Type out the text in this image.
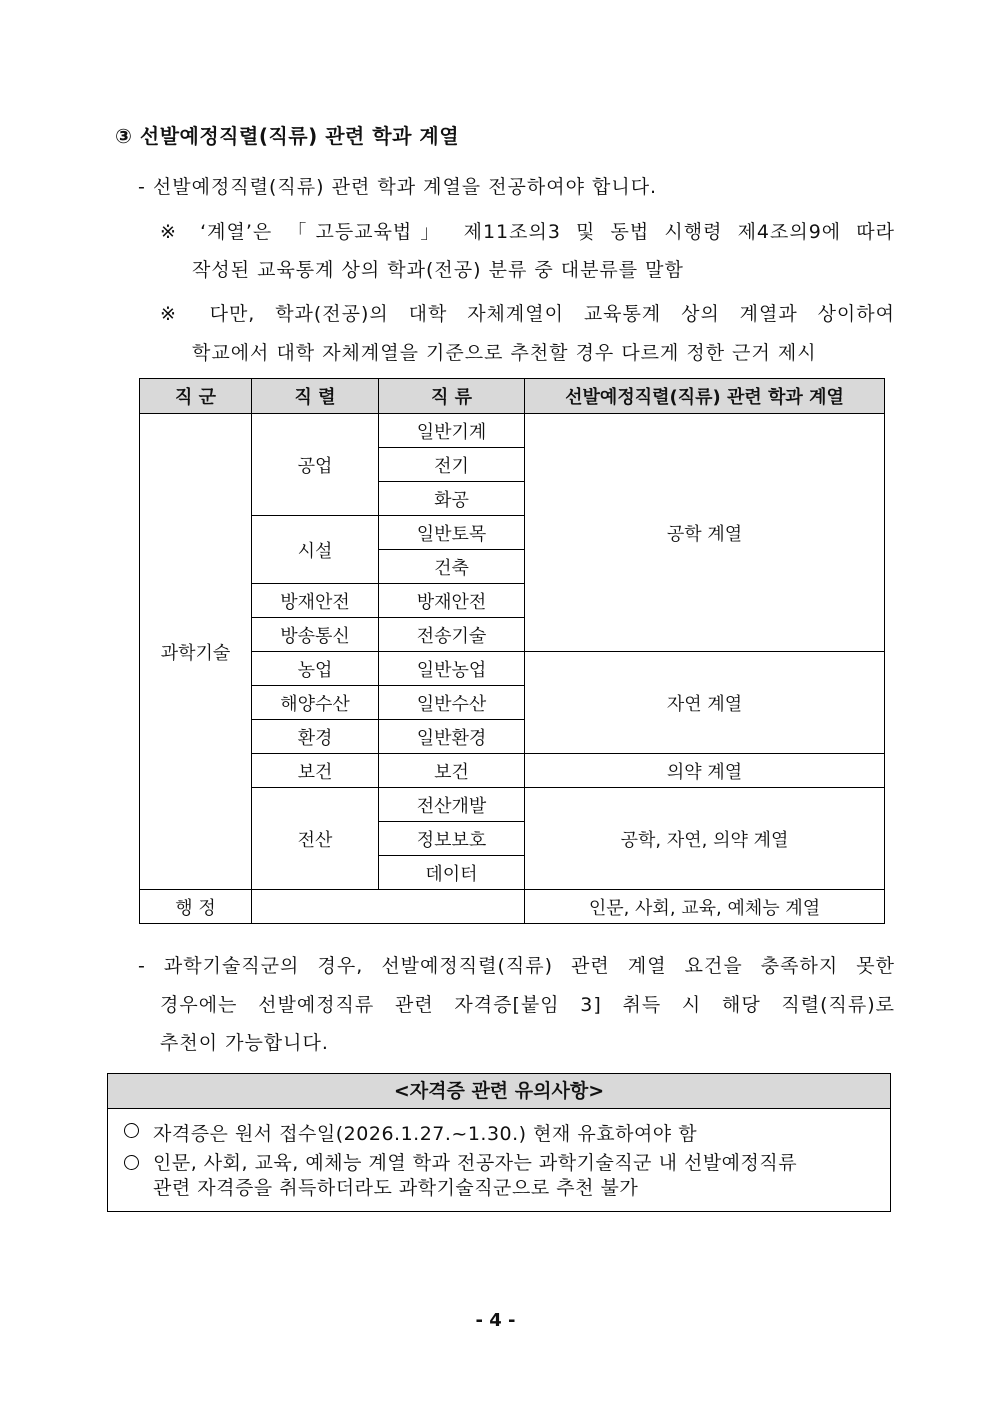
③ 선발예정직렬(직류) 관련 학과 계열
- 선발예정직렬(직류) 관련 학과 계열을 전공하여야 합니다.
※ ‘계열’은 「고등교육법」 제11조의3 및 동법 시행령 제4조의9에 따라
작성된 교육통계 상의 학과(전공) 분류 중 대분류를 말함
※ 다만, 학과(전공)의 대학 자체계열이 교육통계 상의 계열과 상이하여
학교에서 대학 자체계열을 기준으로 추천할 경우 다르게 정한 근거 제시
직 군	직 렬	직 류	선발예정직렬(직류) 관련 학과 계열
과학기술	공업	일반기계	공학 계열
		전기	
		화공	
	시설	일반토목	
		건축	
	방재안전	방재안전	
	방송통신	전송기술	
	농업	일반농업	자연 계열
	해양수산	일반수산	
	환경	일반환경	
	보건	보건	의약 계열
	전산	전산개발	공학, 자연, 의약 계열
		정보보호	
		데이터	
행 정			인문, 사회, 교육, 예체능 계열
- 과학기술직군의 경우, 선발예정직렬(직류) 관련 계열 요건을 충족하지 못한
경우에는 선발예정직류 관련 자격증[붙임 3] 취득 시 해당 직렬(직류)로
추천이 가능합니다.
<자격증 관련 유의사항>
자격증은 원서 접수일(2026.1.27.~1.30.) 현재 유효하여야 함
인문, 사회, 교육, 예체능 계열 학과 전공자는 과학기술직군 내 선발예정직류
관련 자격증을 취득하더라도 과학기술직군으로 추천 불가
- 4 -
